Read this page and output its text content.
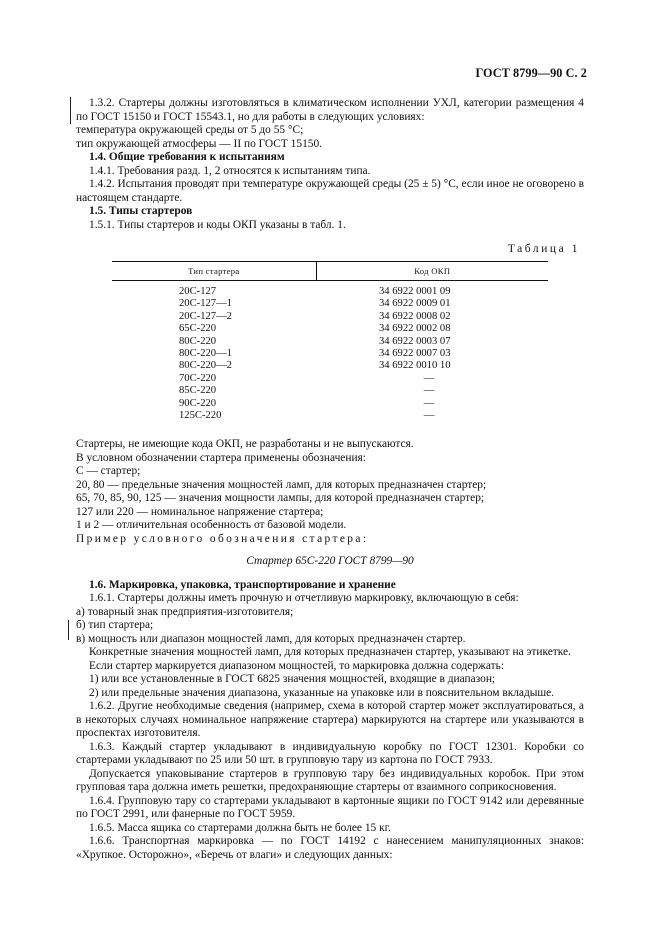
ГОСТ 8799—90 С. 2

1.3.2. Стартеры должны изготовляться в климатическом исполнении УХЛ, категории размещения 4 по ГОСТ 15150 и ГОСТ 15543.1, но для работы в следующих условиях:

температура окружающей среды от 5 до 55 °С;

тип окружающей атмосферы — II по ГОСТ 15150.

1.4. Общие требования к испытаниям

1.4.1. Требования разд. 1, 2 относятся к испытаниям типа.

1.4.2. Испытания проводят при температуре окружающей среды (25 ± 5) °С, если иное не оговорено в настоящем стандарте.

1.5. Типы стартеров

1.5.1. Типы стартеров и коды ОКП указаны в табл. 1.

Таблица 1
Тип стартера	Код ОКП
20С-127	34 6922 0001 09
20С-127—1	34 6922 0009 01
20С-127—2	34 6922 0008 02
65С-220	34 6922 0002 08
80С-220	34 6922 0003 07
80С-220—1	34 6922 0007 03
80С-220—2	34 6922 0010 10
70С-220	—
85С-220	—
90С-220	—
125С-220	—

Стартеры, не имеющие кода ОКП, не разработаны и не выпускаются.

В условном обозначении стартера применены обозначения:

С — стартер;

20, 80 — предельные значения мощностей ламп, для которых предназначен стартер;

65, 70, 85, 90, 125 — значения мощности лампы, для которой предназначен стартер;

127 или 220 — номинальное напряжение стартера;

1 и 2 — отличительная особенность от базовой модели.

Пример условного обозначения стартера:

Стартер 65С-220 ГОСТ 8799—90

1.6. Маркировка, упаковка, транспортирование и хранение

1.6.1. Стартеры должны иметь прочную и отчетливую маркировку, включающую в себя:

а) товарный знак предприятия-изготовителя;

б) тип стартера;

в) мощность или диапазон мощностей ламп, для которых предназначен стартер.

Конкретные значения мощностей ламп, для которых предназначен стартер, указывают на этикетке.

Если стартер маркируется диапазоном мощностей, то маркировка должна содержать:

1) или все установленные в ГОСТ 6825 значения мощностей, входящие в диапазон;

2) или предельные значения диапазона, указанные на упаковке или в пояснительном вкладыше.

1.6.2. Другие необходимые сведения (например, схема в которой стартер может эксплуатироваться, а в некоторых случаях номинальное напряжение стартера) маркируются на стартере или указываются в проспектах изготовителя.

1.6.3. Каждый стартер укладывают в индивидуальную коробку по ГОСТ 12301. Коробки со стартерами укладывают по 25 или 50 шт. в групповую тару из картона по ГОСТ 7933.

Допускается упаковывание стартеров в групповую тару без индивидуальных коробок. При этом групповая тара должна иметь решетки, предохраняющие стартеры от взаимного соприкосновения.

1.6.4. Групповую тару со стартерами укладывают в картонные ящики по ГОСТ 9142 или деревянные по ГОСТ 2991, или фанерные по ГОСТ 5959.

1.6.5. Масса ящика со стартерами должна быть не более 15 кг.

1.6.6. Транспортная маркировка — по ГОСТ 14192 с нанесением манипуляционных знаков: «Хрупкое. Осторожно», «Беречь от влаги» и следующих данных:
